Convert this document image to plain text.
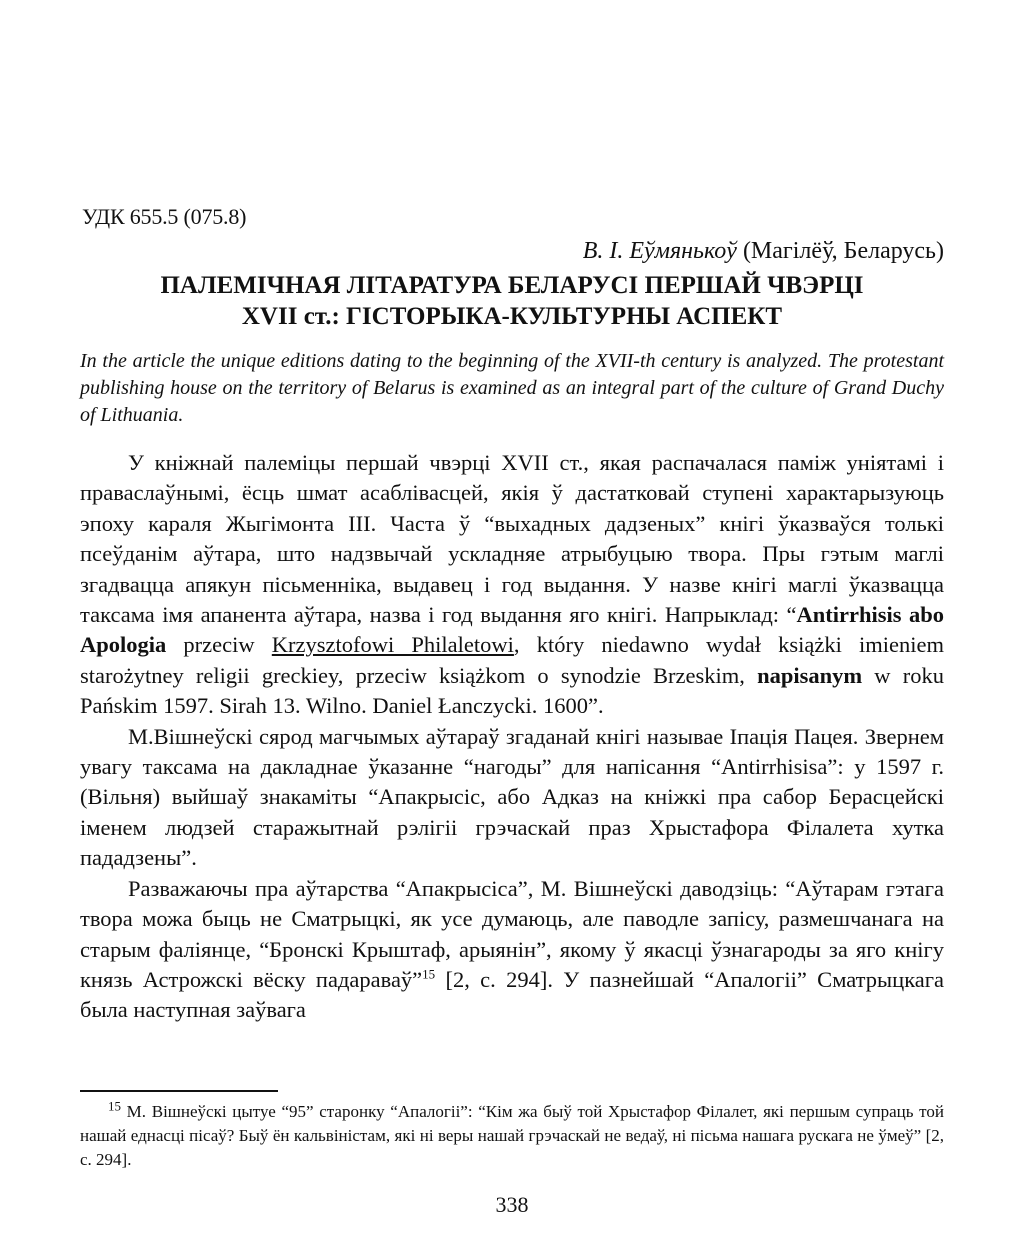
УДК 655.5 (075.8)
В. І. Еўмянькоў (Магілёў, Беларусь)
ПАЛЕМІЧНАЯ ЛІТАРАТУРА БЕЛАРУСІ ПЕРШАЙ ЧВЭРЦІ
XVII ст.: ГІСТОРЫКА-КУЛЬТУРНЫ АСПЕКТ
In the article the unique editions dating to the beginning of the XVII-th century is analyzed. The protestant publishing house on the territory of Belarus is examined as an integral part of the culture of Grand Duchy of Lithuania.

У кніжнай палеміцы першай чвэрці XVII ст., якая распачалася паміж уніятамі і праваслаўнымі, ёсць шмат асаблівасцей, якія ў дастатковай ступені характарызуюць эпоху караля Жыгімонта III. Часта ў “выхадных дадзеных” кнігі ўказваўся толькі псеўданім аўтара, што надзвычай ускладняе атрыбуцыю твора. Пры гэтым маглі згадвацца апякун пісьменніка, выдавец і год выдання. У назве кнігі маглі ўказвацца таксама імя апанента аўтара, назва і год выдання яго кнігі. Напрыклад: “Antirrhisis abo Apologia przeciw Krzysztofowi Philaletowi, który niedawno wydał książki imieniem starożytney religii greckiey, przeciw książkom o synodzie Brzeskim, napisanym w roku Pańskim 1597. Sirah 13. Wilno. Daniel Łanczycki. 1600”.

М.Вішнеўскі сярод магчымых аўтараў згаданай кнігі называе Іпація Пацея. Звернем увагу таксама на дакладнае ўказанне “нагоды” для напісання “Antirrhisisa”: у 1597 г. (Вільня) выйшаў знакаміты “Апакрысіс, або Адказ на кніжкі пра сабор Берасцейскі іменем людзей старажытнай рэлігіі грэчаскай праз Хрыстафора Філалета хутка пададзены”.

Разважаючы пра аўтарства “Апакрысіса”, М. Вішнеўскі даводзіць: “Аўтарам гэтага твора можа быць не Сматрыцкі, як усе думаюць, але паводле запісу, размешчанага на старым фаліянце, “Бронскі Крыштаф, арыянін”, якому ў якасці ўзнагароды за яго кнігу князь Астрожскі вёску падараваў”$^{15}$ [2, с. 294]. У пазнейшай “Апалогіі” Сматрыцкага была наступная заўвага

$^{15}$ М. Вішнеўскі цытуе “95” старонку “Апалогіі”: “Кім жа быў той Хрыстафор Філалет, які першым супраць той нашай еднасці пісаў? Быў ён кальвіністам, які ні веры нашай грэчаскай не ведаў, ні пісьма нашага рускага не ўмеў” [2, с. 294].
338
